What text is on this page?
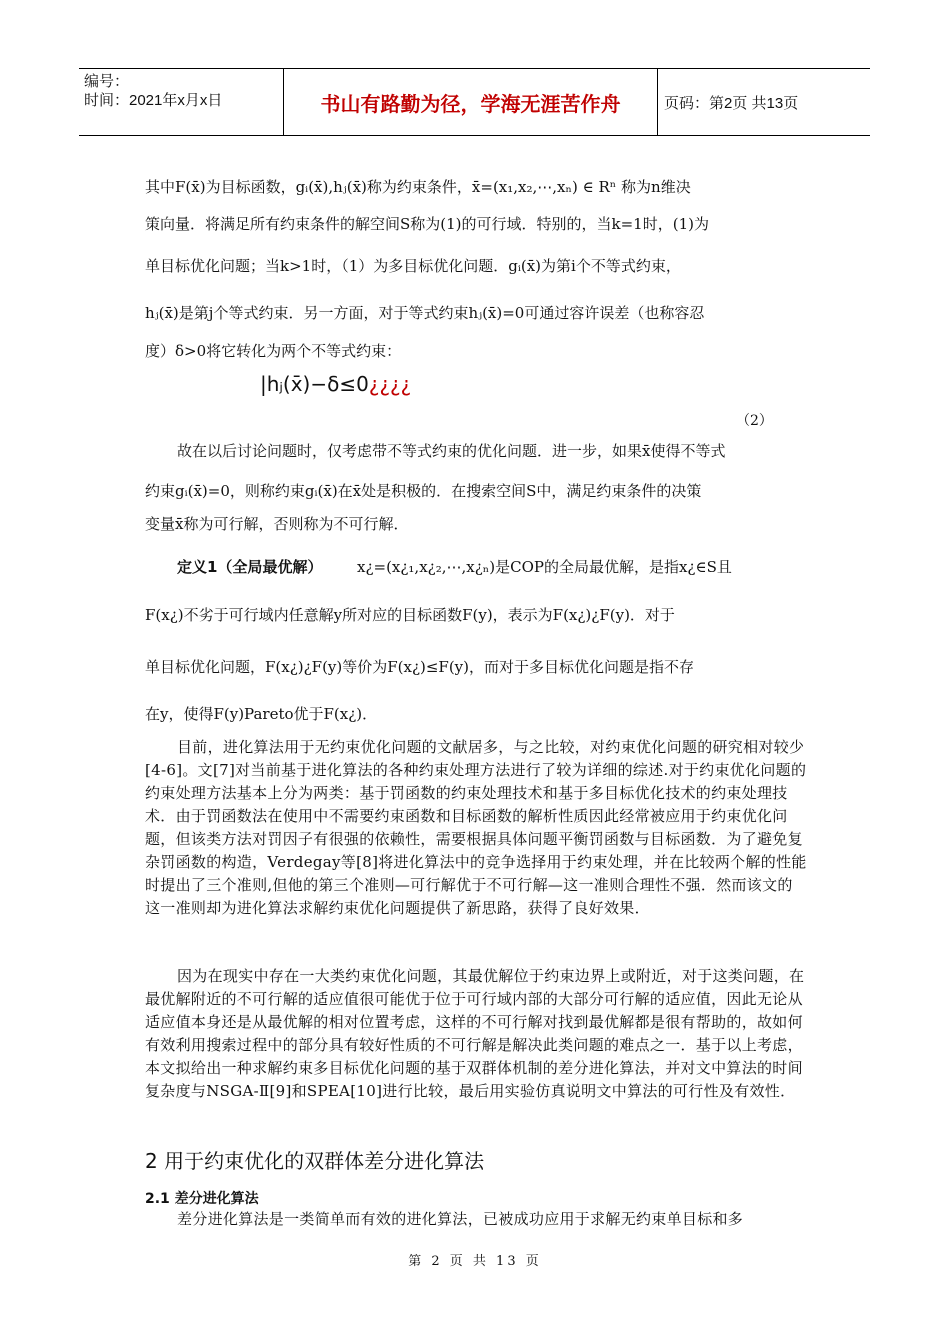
编号：
时间：2021年x月x日	书山有路勤为径，学海无涯苦作舟	页码：第2页 共13页
其中F(x̄)为目标函数，gᵢ(x̄),hⱼ(x̄)称为约束条件，x̄=(x₁,x₂,⋯,xₙ) ∈ Rⁿ 称为n维决
策向量．将满足所有约束条件的解空间S称为(1)的可行域．特别的，当k=1时，(1)为
单目标优化问题；当k>1时，（1）为多目标优化问题．gᵢ(x̄)为第i个不等式约束，
hⱼ(x̄)是第j个等式约束．另一方面，对于等式约束hⱼ(x̄)=0可通过容许误差（也称容忍
度）δ>0将它转化为两个不等式约束：
|hⱼ(x̄)−δ≤0¿¿¿¿
（2）
故在以后讨论问题时，仅考虑带不等式约束的优化问题．进一步，如果x̄使得不等式
约束gᵢ(x̄)=0，则称约束gᵢ(x̄)在x̄处是积极的．在搜索空间S中，满足约束条件的决策
变量x̄称为可行解，否则称为不可行解．
定义1（全局最优解） x¿=(x¿₁,x¿₂,⋯,x¿ₙ)是COP的全局最优解，是指x¿∈S且
F(x¿)不劣于可行域内任意解y所对应的目标函数F(y)，表示为F(x¿)¿F(y)．对于
单目标优化问题，F(x¿)¿F(y)等价为F(x¿)≤F(y)，而对于多目标优化问题是指不存
在y，使得F(y)Pareto优于F(x¿)．
目前，进化算法用于无约束优化问题的文献居多，与之比较，对约束优化问题的研究相对较少[4-6]。文[7]对当前基于进化算法的各种约束处理方法进行了较为详细的综述.对于约束优化问题的约束处理方法基本上分为两类：基于罚函数的约束处理技术和基于多目标优化技术的约束处理技术．由于罚函数法在使用中不需要约束函数和目标函数的解析性质因此经常被应用于约束优化问题，但该类方法对罚因子有很强的依赖性，需要根据具体问题平衡罚函数与目标函数．为了避免复杂罚函数的构造，Verdegay等[8]将进化算法中的竞争选择用于约束处理，并在比较两个解的性能时提出了三个准则,但他的第三个准则—可行解优于不可行解—这一准则合理性不强．然而该文的这一准则却为进化算法求解约束优化问题提供了新思路，获得了良好效果．
因为在现实中存在一大类约束优化问题，其最优解位于约束边界上或附近，对于这类问题，在最优解附近的不可行解的适应值很可能优于位于可行域内部的大部分可行解的适应值，因此无论从适应值本身还是从最优解的相对位置考虑，这样的不可行解对找到最优解都是很有帮助的，故如何有效利用搜索过程中的部分具有较好性质的不可行解是解决此类问题的难点之一．基于以上考虑，本文拟给出一种求解约束多目标优化问题的基于双群体机制的差分进化算法，并对文中算法的时间复杂度与NSGA-Ⅱ[9]和SPEA[10]进行比较，最后用实验仿真说明文中算法的可行性及有效性．
2 用于约束优化的双群体差分进化算法
2.1 差分进化算法
差分进化算法是一类简单而有效的进化算法，已被成功应用于求解无约束单目标和多
第 2 页 共 13 页
